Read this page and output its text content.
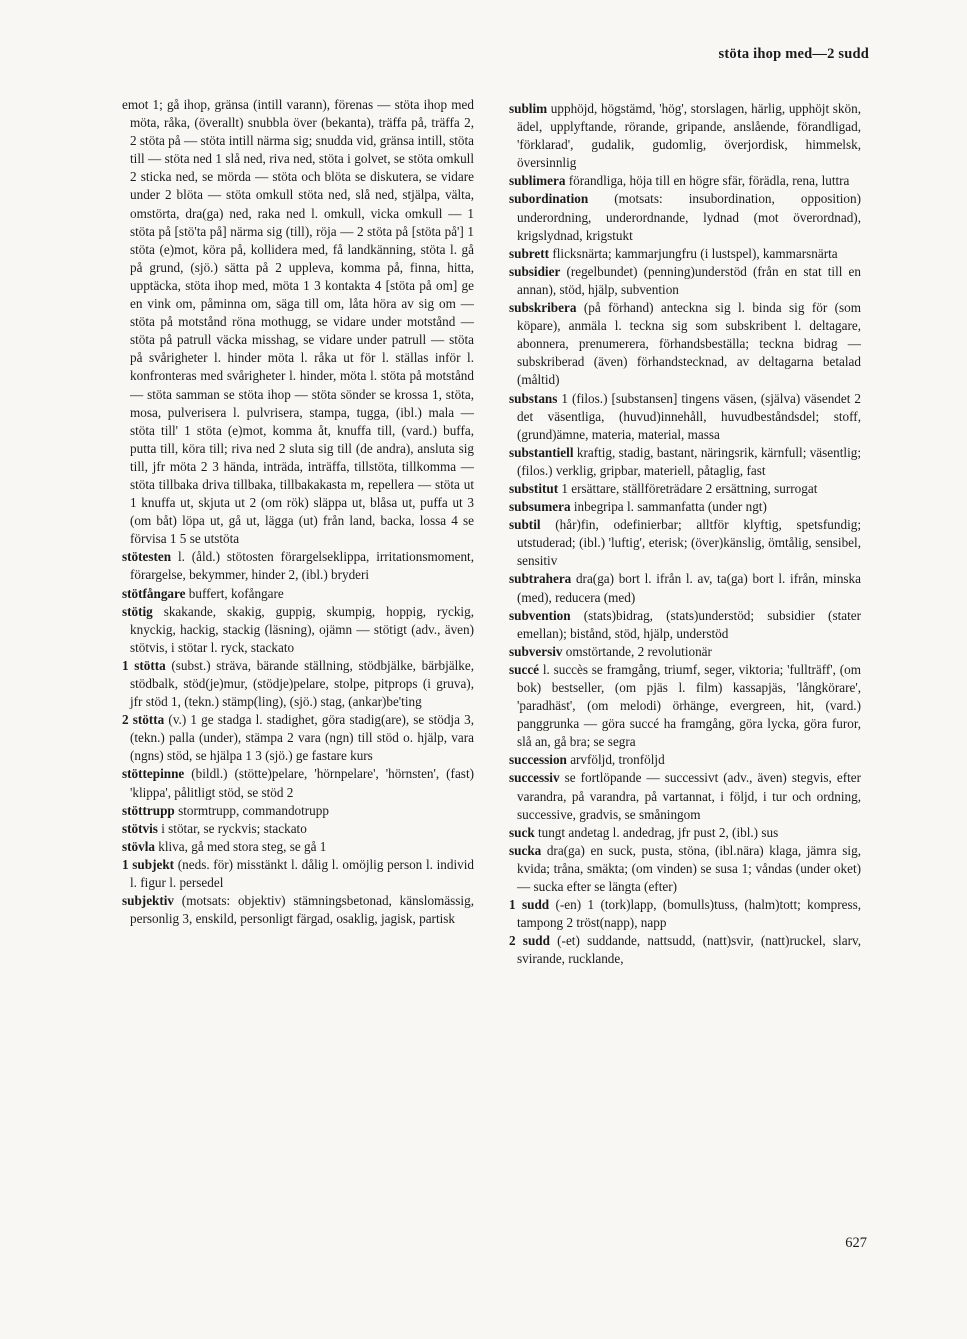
stöta ihop med—2 sudd

emot 1; gå ihop, gränsa (intill varann), förenas — stöta ihop med möta, råka, (överallt) snubbla över (bekanta), träffa på, träffa 2, 2 stöta på — stöta intill närma sig; snudda vid, gränsa intill, stöta till — stöta ned 1 slå ned, riva ned, stöta i golvet, se stöta omkull 2 sticka ned, se mörda — stöta och blöta se diskutera, se vidare under 2 blöta — stöta omkull stöta ned, slå ned, stjälpa, välta, omstörta, dra(ga) ned, raka ned l. omkull, vicka omkull — 1 stöta på [stö'ta på] närma sig (till), röja — 2 stöta på [stöta på'] 1 stöta (e)mot, köra på, kollidera med, få landkänning, stöta l. gå på grund, (sjö.) sätta på 2 uppleva, komma på, finna, hitta, upptäcka, stöta ihop med, möta 1 3 kontakta 4 [stöta på om] ge en vink om, påminna om, säga till om, låta höra av sig om — stöta på motstånd röna mothugg, se vidare under motstånd — stöta på patrull väcka misshag, se vidare under patrull — stöta på svårigheter l. hinder möta l. råka ut för l. ställas inför l. konfronteras med svårigheter l. hinder, möta l. stöta på motstånd — stöta samman se stöta ihop — stöta sönder se krossa 1, stöta, mosa, pulverisera l. pulvrisera, stampa, tugga, (ibl.) mala — stöta till' 1 stöta (e)mot, komma åt, knuffa till, (vard.) buffa, putta till, köra till; riva ned 2 sluta sig till (de andra), ansluta sig till, jfr möta 2 3 hända, inträda, inträffa, tillstöta, tillkomma — stöta tillbaka driva tillbaka, tillbakakasta m, repellera — stöta ut 1 knuffa ut, skjuta ut 2 (om rök) släppa ut, blåsa ut, puffa ut 3 (om båt) löpa ut, gå ut, lägga (ut) från land, backa, lossa 4 se förvisa 1 5 se utstöta

stötesten l. (åld.) stötosten förargelseklippa, irritationsmoment, förargelse, bekymmer, hinder 2, (ibl.) bryderi

stötfångare buffert, kofångare

stötig skakande, skakig, guppig, skumpig, hoppig, ryckig, knyckig, hackig, stackig (läsning), ojämn — stötigt (adv., även) stötvis, i stötar l. ryck, stackato

1 stötta (subst.) sträva, bärande ställning, stödbjälke, bärbjälke, stödbalk, stöd(je)mur, (stödje)pelare, stolpe, pitprops (i gruva), jfr stöd 1, (tekn.) stämp(ling), (sjö.) stag, (ankar)be'ting

2 stötta (v.) 1 ge stadga l. stadighet, göra stadig(are), se stödja 3, (tekn.) palla (under), stämpa 2 vara (ngn) till stöd o. hjälp, vara (ngns) stöd, se hjälpa 1 3 (sjö.) ge fastare kurs

stöttepinne (bildl.) (stötte)pelare, 'hörnpelare', 'hörnsten', (fast) 'klippa', pålitligt stöd, se stöd 2

stöttrupp stormtrupp, commandotrupp

stötvis i stötar, se ryckvis; stackato

stövla kliva, gå med stora steg, se gå 1

1 subjekt (neds. för) misstänkt l. dålig l. omöjlig person l. individ l. figur l. persedel

subjektiv (motsats: objektiv) stämningsbetonad, känslomässig, personlig 3, enskild, personligt färgad, osaklig, jagisk, partisk

sublim upphöjd, högstämd, 'hög', storslagen, härlig, upphöjt skön, ädel, upplyftande, rörande, gripande, anslående, förandligad, 'förklarad', gudalik, gudomlig, överjordisk, himmelsk, översinnlig

sublimera förandliga, höja till en högre sfär, förädla, rena, luttra

subordination (motsats: insubordination, opposition) underordning, underordnande, lydnad (mot överordnad), krigslydnad, krigstukt

subrett flicksnärta; kammarjungfru (i lustspel), kammarsnärta

subsidier (regelbundet) (penning)understöd (från en stat till en annan), stöd, hjälp, subvention

subskribera (på förhand) anteckna sig l. binda sig för (som köpare), anmäla l. teckna sig som subskribent l. deltagare, abonnera, prenumerera, förhandsbeställa; teckna bidrag — subskriberad (även) förhandstecknad, av deltagarna betalad (måltid)

substans 1 (filos.) [substansen] tingens väsen, (själva) väsendet 2 det väsentliga, (huvud)innehåll, huvudbeståndsdel; stoff, (grund)ämne, materia, material, massa

substantiell kraftig, stadig, bastant, näringsrik, kärnfull; väsentlig; (filos.) verklig, gripbar, materiell, påtaglig, fast

substitut 1 ersättare, ställföreträdare 2 ersättning, surrogat

subsumera inbegripa l. sammanfatta (under ngt)

subtil (hår)fin, odefinierbar; alltför klyftig, spetsfundig; utstuderad; (ibl.) 'luftig', eterisk; (över)känslig, ömtålig, sensibel, sensitiv

subtrahera dra(ga) bort l. ifrån l. av, ta(ga) bort l. ifrån, minska (med), reducera (med)

subvention (stats)bidrag, (stats)understöd; subsidier (stater emellan); bistånd, stöd, hjälp, understöd

subversiv omstörtande, 2 revolutionär

succé l. succès se framgång, triumf, seger, viktoria; 'fullträff', (om bok) bestseller, (om pjäs l. film) kassapjäs, 'långkörare', 'paradhäst', (om melodi) örhänge, evergreen, hit, (vard.) panggrunka — göra succé ha framgång, göra lycka, göra furor, slå an, gå bra; se segra

succession arvföljd, tronföljd

successiv se fortlöpande — successivt (adv., även) stegvis, efter varandra, på varandra, på vartannat, i följd, i tur och ordning, successive, gradvis, se småningom

suck tungt andetag l. andedrag, jfr pust 2, (ibl.) sus

sucka dra(ga) en suck, pusta, stöna, (ibl.nära) klaga, jämra sig, kvida; tråna, smäkta; (om vinden) se susa 1; våndas (under oket) — sucka efter se längta (efter)

1 sudd (-en) 1 (tork)lapp, (bomulls)tuss, (halm)tott; kompress, tampong 2 tröst(napp), napp

2 sudd (-et) suddande, nattsudd, (natt)svir, (natt)ruckel, slarv, svirande, rucklande,

627
